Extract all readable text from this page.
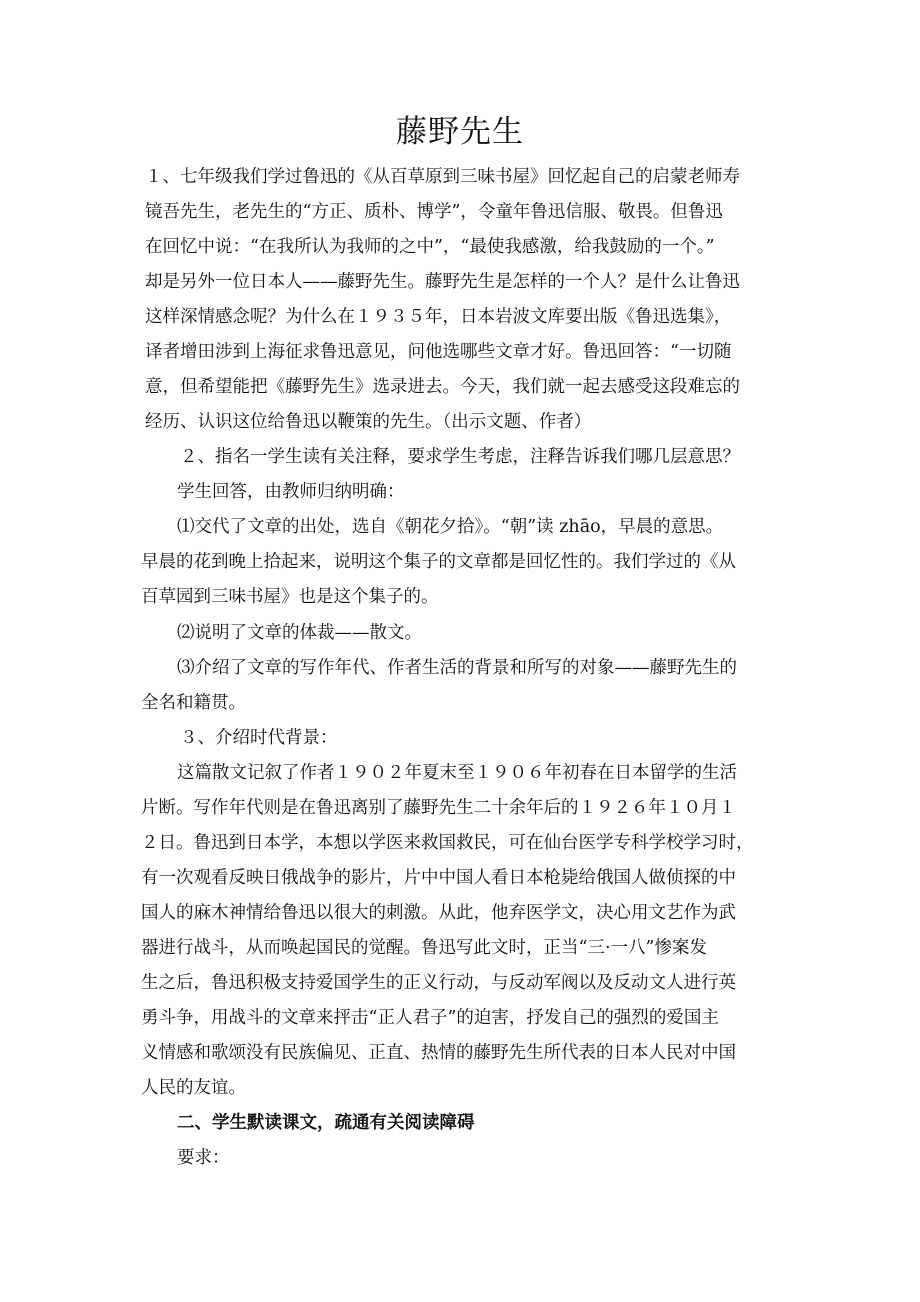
藤野先生
１、七年级我们学过鲁迅的《从百草原到三味书屋》回忆起自己的启蒙老师寿
镜吾先生，老先生的“方正、质朴、博学”，令童年鲁迅信服、敬畏。但鲁迅
在回忆中说：“在我所认为我师的之中”，“最使我感激，给我鼓励的一个。”
却是另外一位日本人——藤野先生。藤野先生是怎样的一个人？是什么让鲁迅
这样深情感念呢？为什么在１９３５年，日本岩波文库要出版《鲁迅选集》，
译者增田涉到上海征求鲁迅意见，问他选哪些文章才好。鲁迅回答：“一切随
意，但希望能把《藤野先生》选录进去。今天，我们就一起去感受这段难忘的
经历、认识这位给鲁迅以鞭策的先生。（出示文题、作者）
２、指名一学生读有关注释，要求学生考虑，注释告诉我们哪几层意思？
学生回答，由教师归纳明确：
⑴交代了文章的出处，选自《朝花夕拾》。“朝”读 zhāo，早晨的意思。
早晨的花到晚上拾起来，说明这个集子的文章都是回忆性的。我们学过的《从
百草园到三味书屋》也是这个集子的。
⑵说明了文章的体裁——散文。
⑶介绍了文章的写作年代、作者生活的背景和所写的对象——藤野先生的
全名和籍贯。
３、介绍时代背景：
这篇散文记叙了作者１９０２年夏末至１９０６年初春在日本留学的生活
片断。写作年代则是在鲁迅离别了藤野先生二十余年后的１９２６年１０月１
２日。鲁迅到日本学，本想以学医来救国救民，可在仙台医学专科学校学习时，
有一次观看反映日俄战争的影片，片中中国人看日本枪毙给俄国人做侦探的中
国人的麻木神情给鲁迅以很大的刺激。从此，他弃医学文，决心用文艺作为武
器进行战斗，从而唤起国民的觉醒。鲁迅写此文时，正当“三·一八”惨案发
生之后，鲁迅积极支持爱国学生的正义行动，与反动军阀以及反动文人进行英
勇斗争，用战斗的文章来抨击“正人君子”的迫害，抒发自己的强烈的爱国主
义情感和歌颂没有民族偏见、正直、热情的藤野先生所代表的日本人民对中国
人民的友谊。
二、学生默读课文，疏通有关阅读障碍
要求：
